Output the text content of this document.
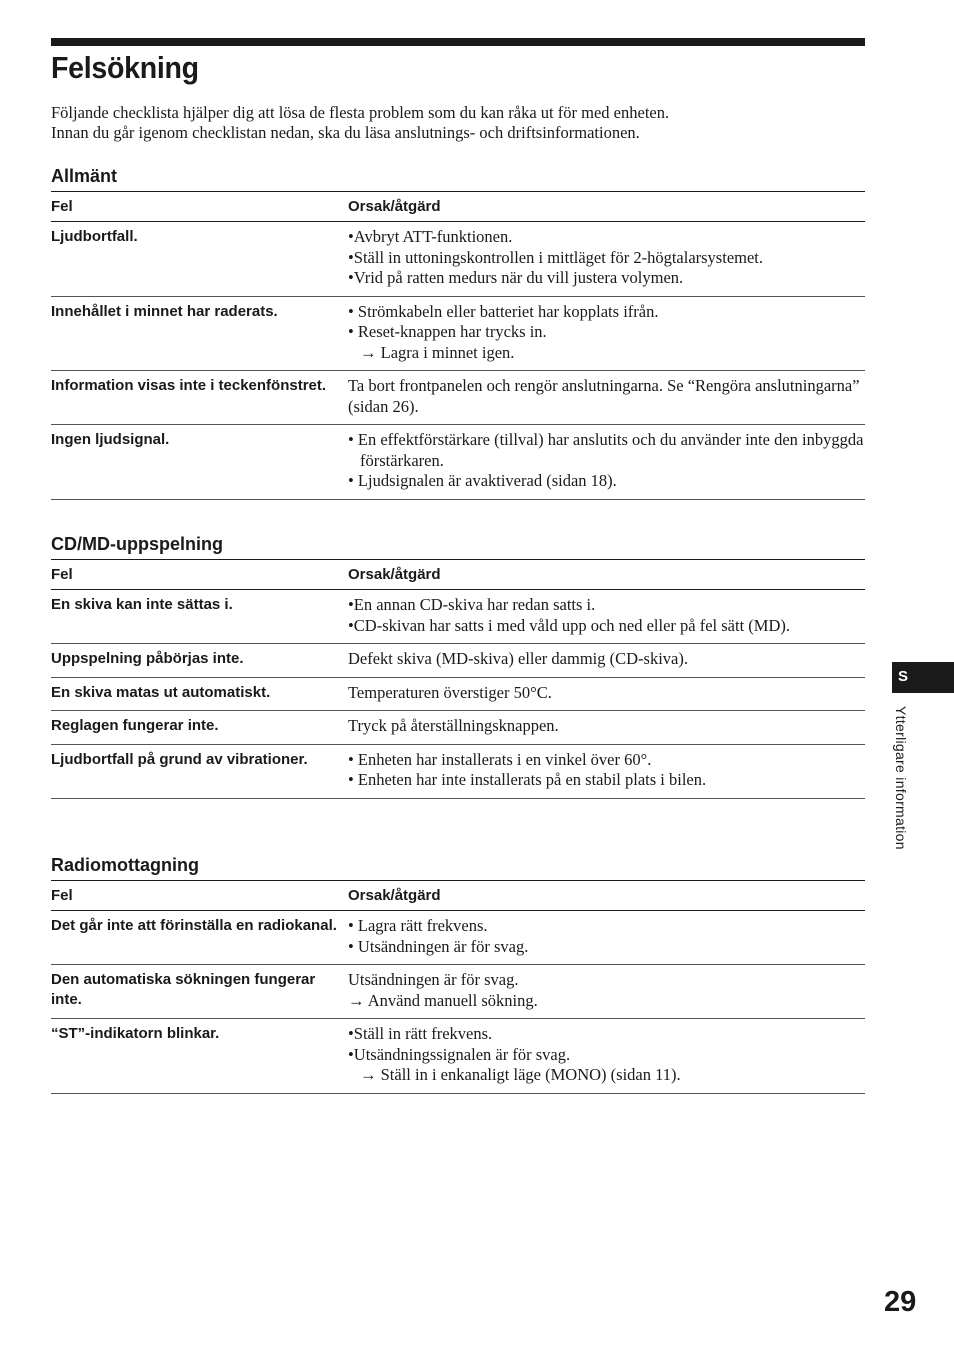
Felsökning

Följande checklista hjälper dig att lösa de flesta problem som du kan råka ut för med enheten.

Innan du går igenom checklistan nedan, ska du läsa anslutnings- och driftsinformationen.

Allmänt
Fel	Orsak/åtgärd
Ljudbortfall.	•Avbryt ATT-funktionen.
•Ställ in uttoningskontrollen i mittläget för 2-högtalarsystemet.
•Vrid på ratten medurs när du vill justera volymen.

Innehållet i minnet har raderats.	• Strömkabeln eller batteriet har kopplats ifrån.
• Reset-knappen har trycks in.
→ Lagra i minnet igen.

Information visas inte i teckenfönstret.	Ta bort frontpanelen och rengör anslutningarna. Se “Rengöra anslutningarna” (sidan 26).

Ingen ljudsignal.	• En effektförstärkare (tillval) har anslutits och du använder inte den inbyggda förstärkaren.
• Ljudsignalen är avaktiverad (sidan 18).
CD/MD-uppspelning
Fel	Orsak/åtgärd
En skiva kan inte sättas i.	•En annan CD-skiva har redan satts i.
•CD-skivan har satts i med våld upp och ned eller på fel sätt (MD).

Uppspelning påbörjas inte.	Defekt skiva (MD-skiva) eller dammig (CD-skiva).

En skiva matas ut automatiskt.	Temperaturen överstiger 50°C.

Reglagen fungerar inte.	Tryck på återställningsknappen.

Ljudbortfall på grund av vibrationer.	• Enheten har installerats i en vinkel över 60°.
• Enheten har inte installerats på en stabil plats i bilen.
Radiomottagning
Fel	Orsak/åtgärd
Det går inte att förinställa en radiokanal.	• Lagra rätt frekvens.
• Utsändningen är för svag.

Den automatiska sökningen fungerar inte.	Utsändningen är för svag.
→ Använd manuell sökning.

“ST”-indikatorn blinkar.	•Ställ in rätt frekvens.
•Utsändningssignalen är för svag.
→ Ställ in i enkanaligt läge (MONO) (sidan 11).
S
Ytterligare information
29
